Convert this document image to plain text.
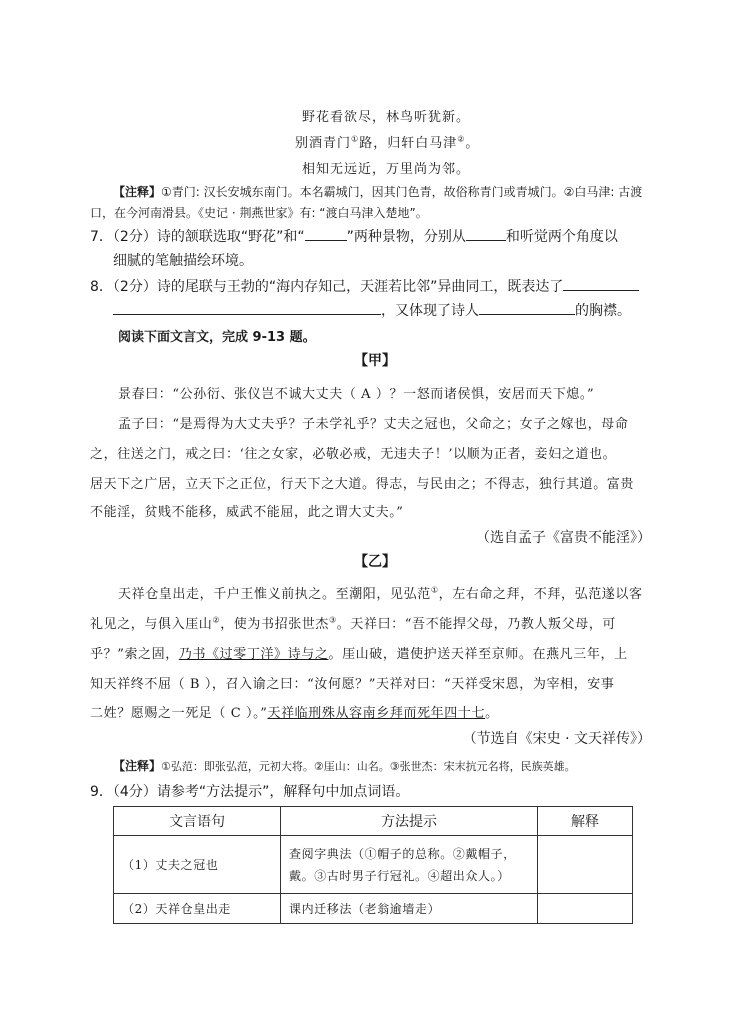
野花看欲尽，林鸟听犹新。
别酒青门①路，归轩白马津②。
相知无远近，万里尚为邻。
【注释】①青门: 汉长安城东南门。本名霸城门，因其门色青，故俗称青门或青城门。②白马津: 古渡
口，在今河南滑县。《史记 · 荆燕世家》有: “渡白马津入楚地”。
7．（2分）诗的颔联选取“野花”和“	”两种景物，分别从	和听觉两个角度以
细腻的笔触描绘环境。
8．（2分）诗的尾联与王勃的“海内存知己，天涯若比邻”异曲同工，既表达了
，又体现了诗人	的胸襟。
阅读下面文言文，完成 9-13 题。
【甲】
景春曰：“公孙衍、张仪岂不诚大丈夫（ A ）？一怒而诸侯惧，安居而天下熄。”
孟子曰：“是焉得为大丈夫乎？子未学礼乎？丈夫之冠也，父命之；女子之嫁也，母命
之，往送之门，戒之曰：‘往之女家，必敬必戒，无违夫子！’以顺为正者，妾妇之道也。
居天下之广居，立天下之正位，行天下之大道。得志，与民由之；不得志，独行其道。富贵
不能淫，贫贱不能移，威武不能屈，此之谓大丈夫。”
（选自孟子《富贵不能淫》）
【乙】
天祥仓皇出走，千户王惟义前执之。至潮阳，见弘范①，左右命之拜，不拜，弘范遂以客
礼见之，与俱入厓山②，使为书招张世杰③。天祥曰：“吾不能捍父母，乃教人叛父母，可
乎？”索之固，乃书《过零丁洋》诗与之。厓山破，遣使护送天祥至京师。在燕凡三年，上
知天祥终不屈（ B ），召入谕之曰：“汝何愿？”天祥对曰：“天祥受宋恩，为宰相，安事
二姓？愿赐之一死足（ C ）。”天祥临刑殊从容南乡拜而死年四十七。
（节选自《宋史 · 文天祥传》）
【注释】①弘范：即张弘范，元初大将。②厓山：山名。③张世杰：宋末抗元名将，民族英雄。
9．（4分）请参考“方法提示”，解释句中加点词语。
文言语句	方法提示	解释
（1）丈夫之冠也	查阅字典法（①帽子的总称。②戴帽子，戴。③古时男子行冠礼。④超出众人。）	
（2）天祥仓皇出走	课内迁移法（老翁逾墙走）	
